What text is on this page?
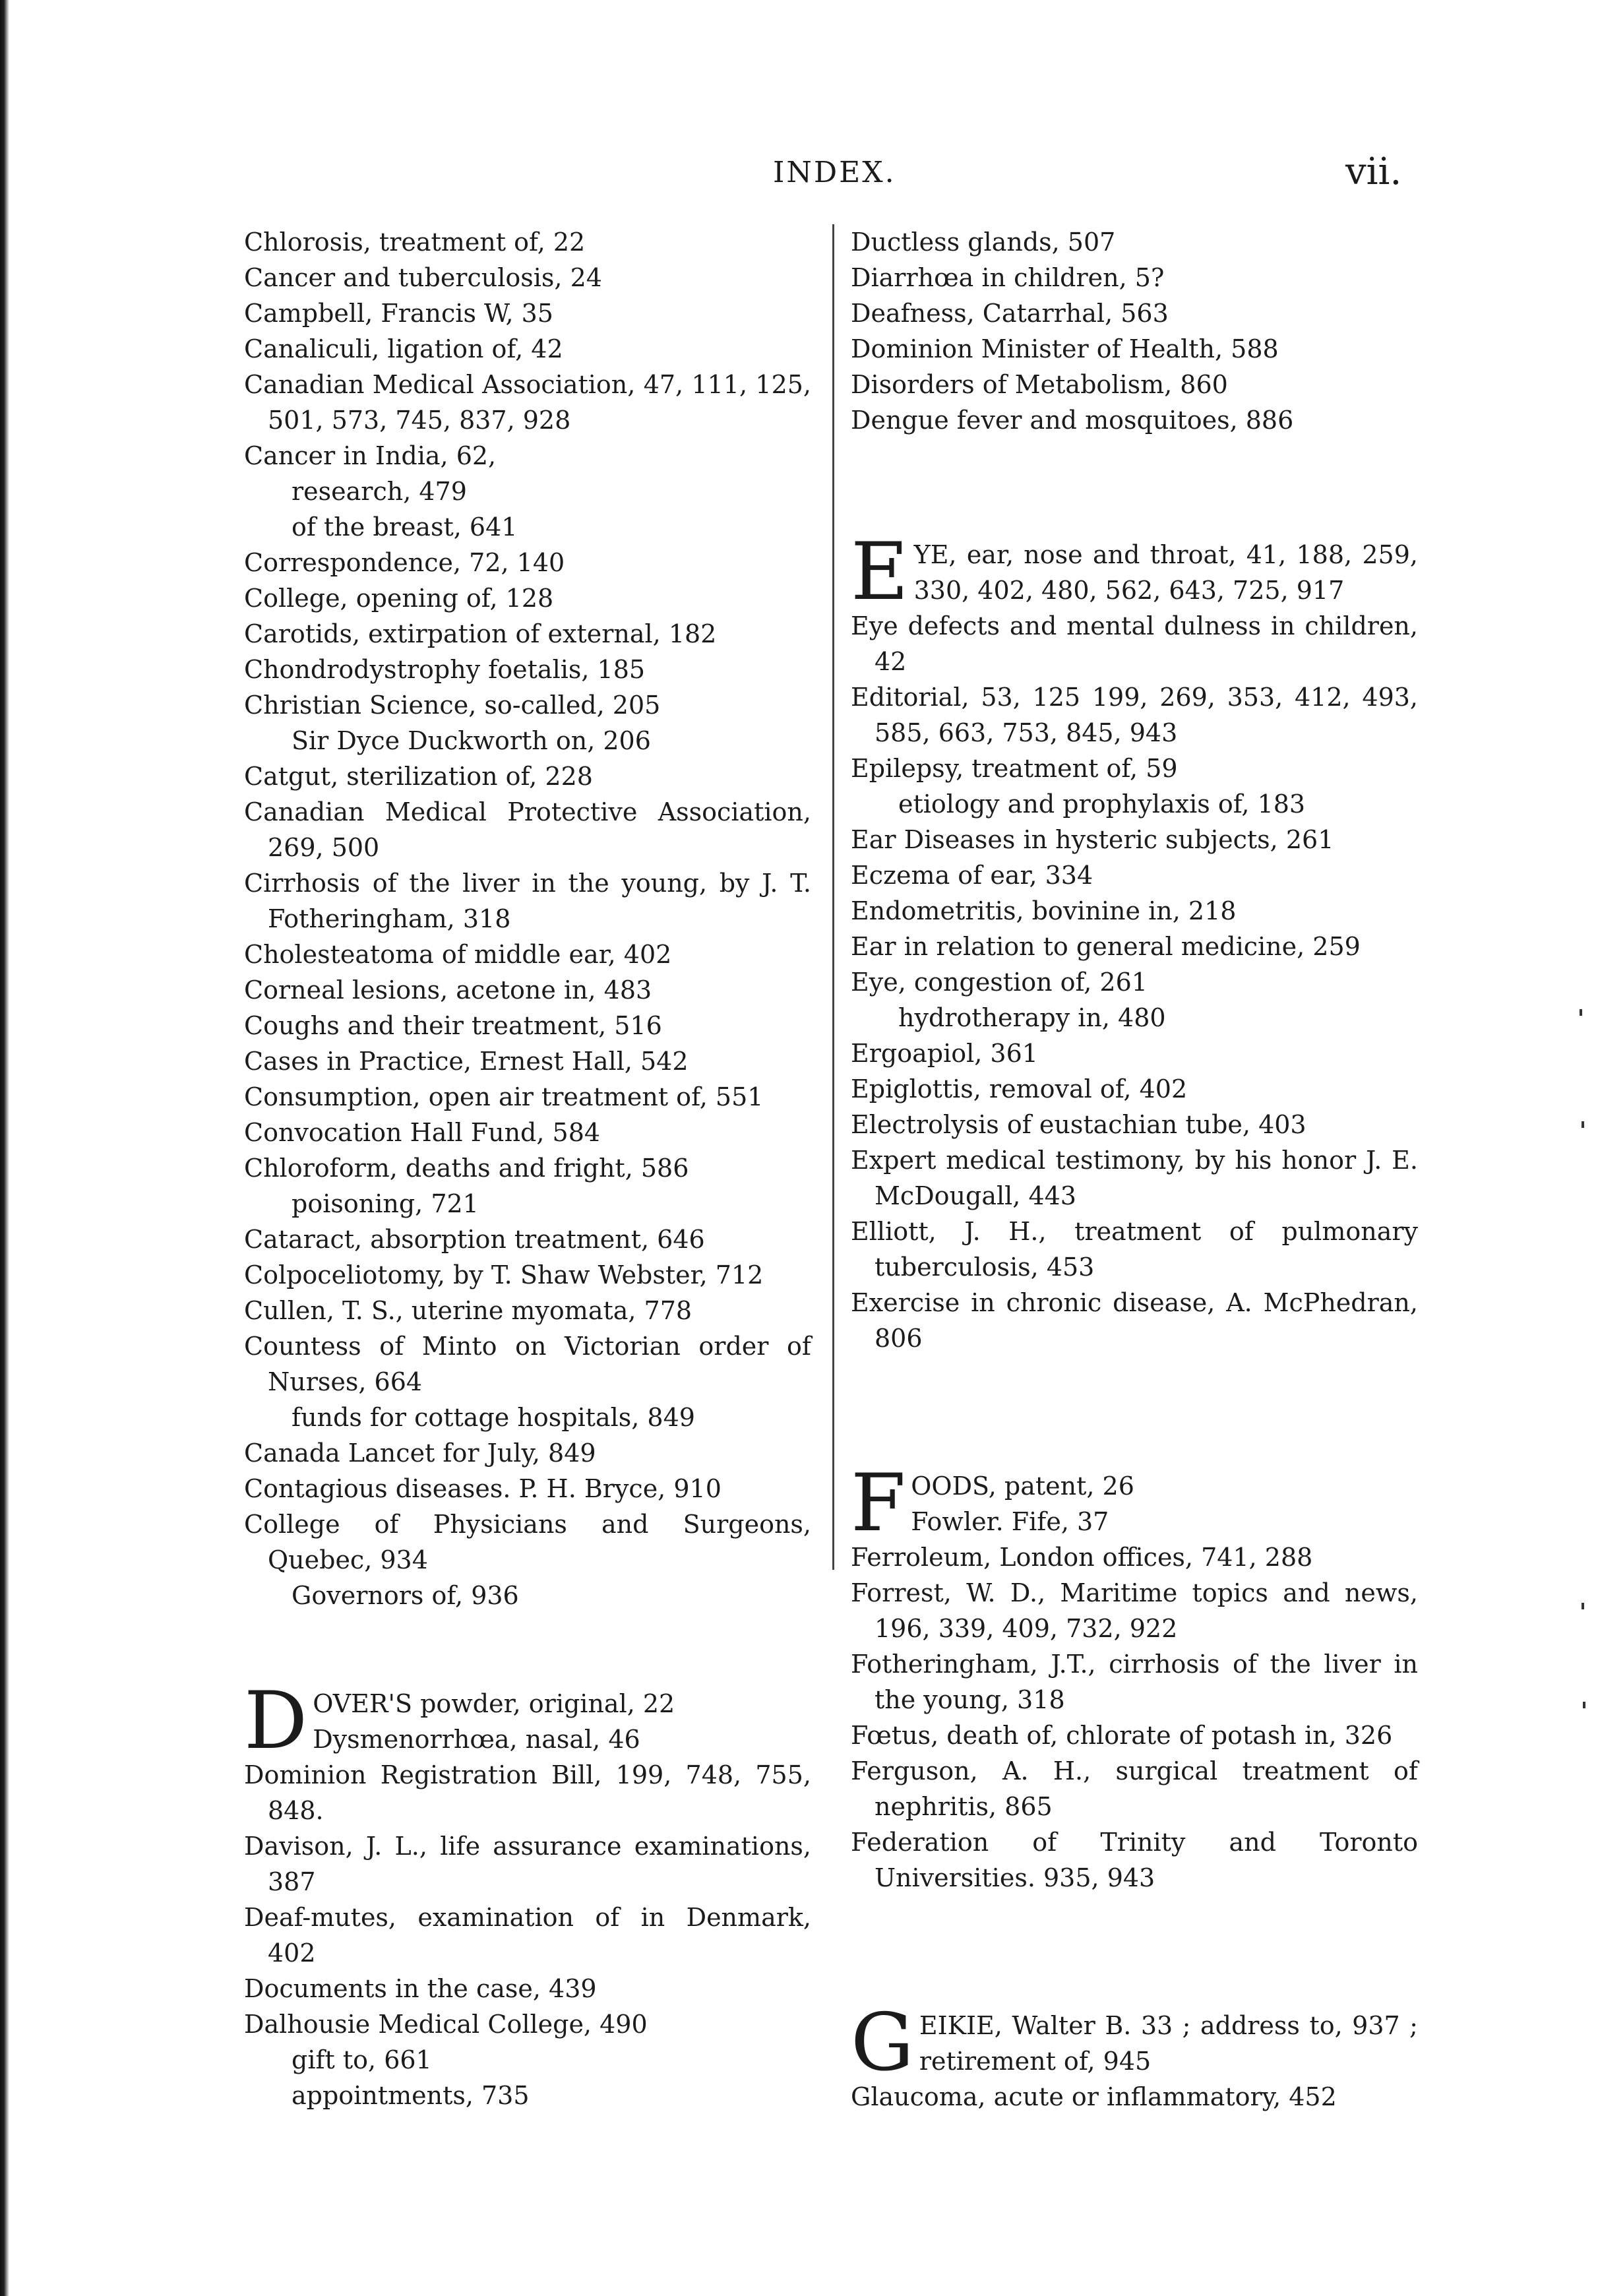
INDEX.	vii.
Chlorosis, treatment of, 22
Cancer and tuberculosis, 24
Campbell, Francis W, 35
Canaliculi, ligation of, 42
Canadian Medical Association, 47, 111, 125, 501, 573, 745, 837, 928
Cancer in India, 62,
research, 479
of the breast, 641
Correspondence, 72, 140
College, opening of, 128
Carotids, extirpation of external, 182
Chondrodystrophy foetalis, 185
Christian Science, so-called, 205
Sir Dyce Duckworth on, 206
Catgut, sterilization of, 228
Canadian Medical Protective Association, 269, 500
Cirrhosis of the liver in the young, by J. T. Fotheringham, 318
Cholesteatoma of middle ear, 402
Corneal lesions, acetone in, 483
Coughs and their treatment, 516
Cases in Practice, Ernest Hall, 542
Consumption, open air treatment of, 551
Convocation Hall Fund, 584
Chloroform, deaths and fright, 586
poisoning, 721
Cataract, absorption treatment, 646
Colpoceliotomy, by T. Shaw Webster, 712
Cullen, T. S., uterine myomata, 778
Countess of Minto on Victorian order of Nurses, 664
funds for cottage hospitals, 849
Canada Lancet for July, 849
Contagious diseases. P. H. Bryce, 910
College of Physicians and Surgeons, Quebec, 934
Governors of, 936
D OVER'S powder, original, 22
Dysmenorrhœa, nasal, 46
Dominion Registration Bill, 199, 748, 755, 848.
Davison, J. L., life assurance examinations, 387
Deaf-mutes, examination of in Denmark, 402
Documents in the case, 439
Dalhousie Medical College, 490
gift to, 661
appointments, 735
Ductless glands, 507
Diarrhœa in children, 5?
Deafness, Catarrhal, 563
Dominion Minister of Health, 588
Disorders of Metabolism, 860
Dengue fever and mosquitoes, 886
E YE, ear, nose and throat, 41, 188, 259, 330, 402, 480, 562, 643, 725, 917
Eye defects and mental dulness in children, 42
Editorial, 53, 125 199, 269, 353, 412, 493, 585, 663, 753, 845, 943
Epilepsy, treatment of, 59
etiology and prophylaxis of, 183
Ear Diseases in hysteric subjects, 261
Eczema of ear, 334
Endometritis, bovinine in, 218
Ear in relation to general medicine, 259
Eye, congestion of, 261
hydrotherapy in, 480
Ergoapiol, 361
Epiglottis, removal of, 402
Electrolysis of eustachian tube, 403
Expert medical testimony, by his honor J. E. McDougall, 443
Elliott, J. H., treatment of pulmonary tuberculosis, 453
Exercise in chronic disease, A. McPhedran, 806
F OODS, patent, 26
Fowler. Fife, 37
Ferroleum, London offices, 741, 288
Forrest, W. D., Maritime topics and news, 196, 339, 409, 732, 922
Fotheringham, J.T., cirrhosis of the liver in the young, 318
Fœtus, death of, chlorate of potash in, 326
Ferguson, A. H., surgical treatment of nephritis, 865
Federation of Trinity and Toronto Universities. 935, 943
G EIKIE, Walter B. 33 ; address to, 937 ; retirement of, 945
Glaucoma, acute or inflammatory, 452
